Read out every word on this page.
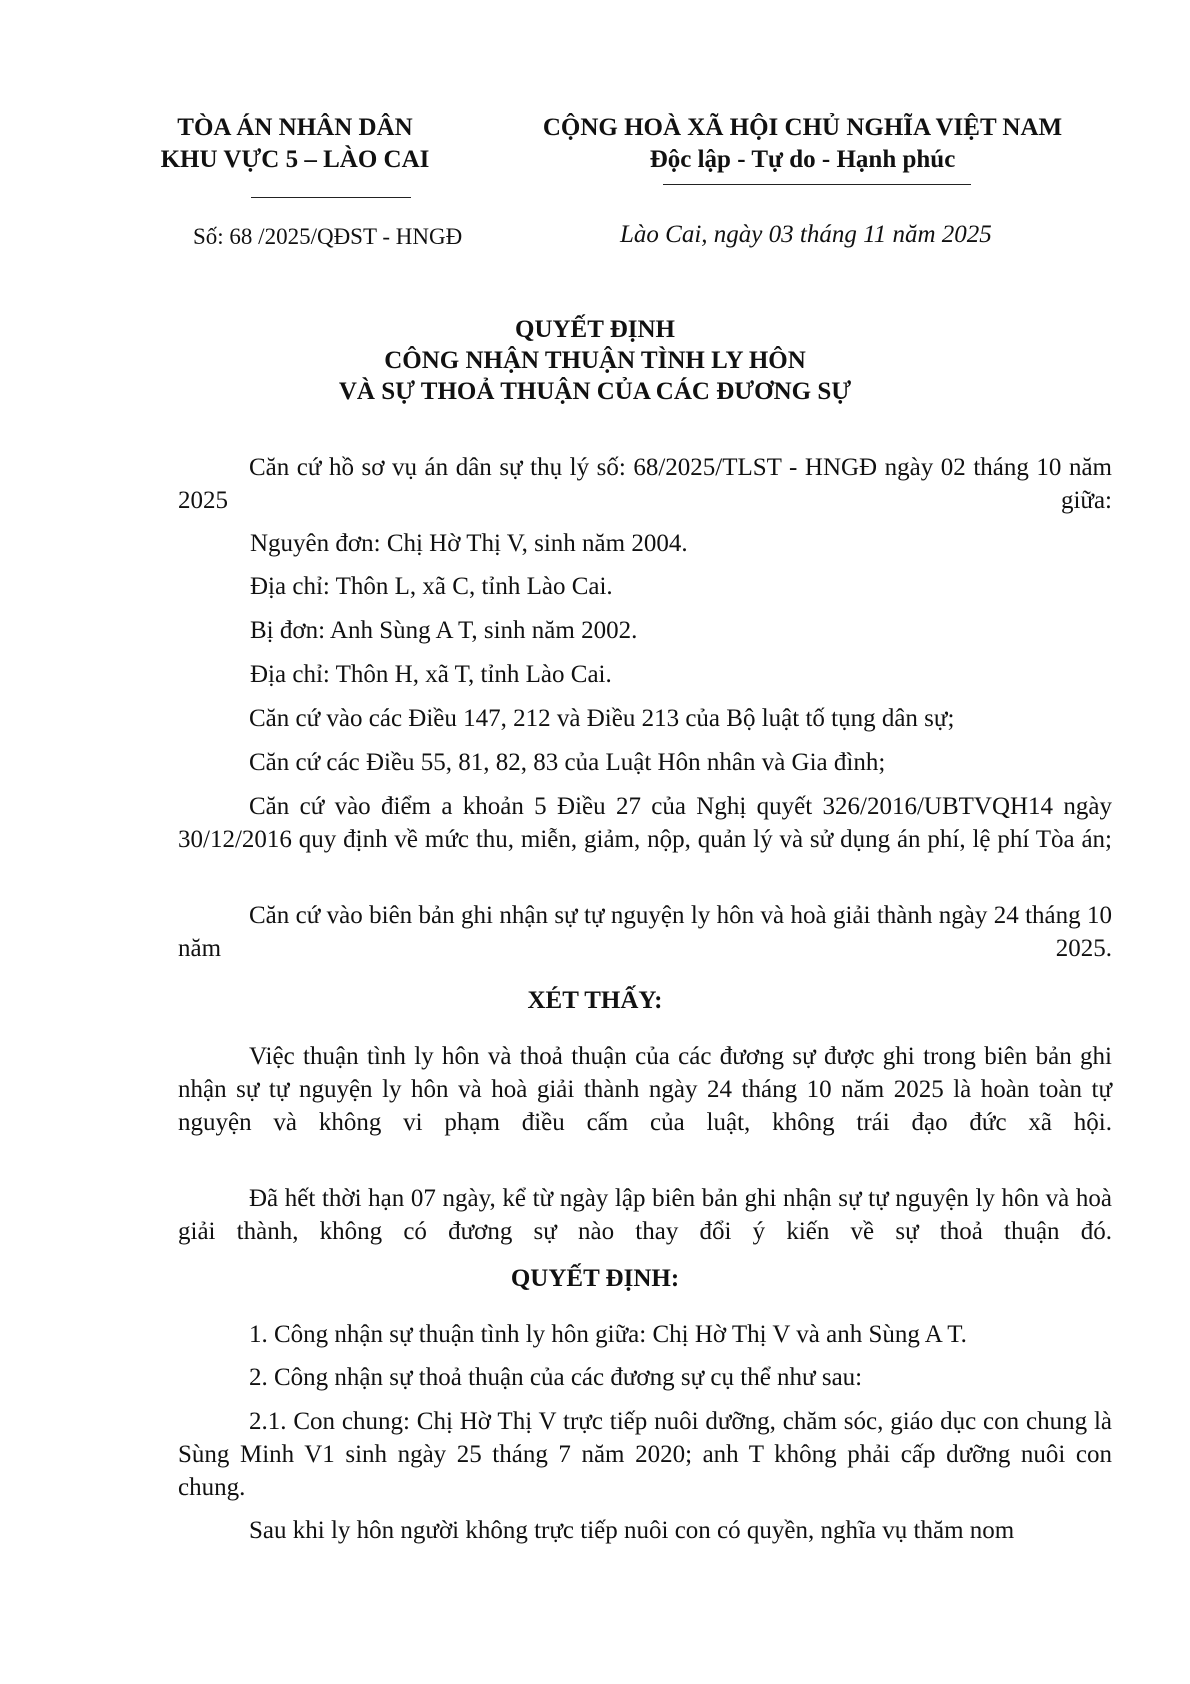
TÒA ÁN NHÂN DÂN
KHU VỰC 5 – LÀO CAI
CỘNG HOÀ XÃ HỘI CHỦ NGHĨA VIỆT NAM
Độc lập - Tự do - Hạnh phúc
Số: 68 /2025/QĐST - HNGĐ	Lào Cai, ngày 03 tháng 11 năm 2025
QUYẾT ĐỊNH
CÔNG NHẬN THUẬN TÌNH LY HÔN
VÀ SỰ THOẢ THUẬN CỦA CÁC ĐƯƠNG SỰ
Căn cứ hồ sơ vụ án dân sự thụ lý số: 68/2025/TLST - HNGĐ ngày 02 tháng 10 năm 2025 giữa:
Nguyên đơn: Chị Hờ Thị V, sinh năm 2004.
Địa chỉ: Thôn L, xã C, tỉnh Lào Cai.
Bị đơn: Anh Sùng A T, sinh năm 2002.
Địa chỉ: Thôn H, xã T, tỉnh Lào Cai.
Căn cứ vào các Điều 147, 212 và Điều 213 của Bộ luật tố tụng dân sự;
Căn cứ các Điều 55, 81, 82, 83 của Luật Hôn nhân và Gia đình;
Căn cứ vào điểm a khoản 5 Điều 27 của Nghị quyết 326/2016/UBTVQH14 ngày 30/12/2016 quy định về mức thu, miễn, giảm, nộp, quản lý và sử dụng án phí, lệ phí Tòa án;
Căn cứ vào biên bản ghi nhận sự tự nguyện ly hôn và hoà giải thành ngày 24 tháng 10 năm 2025.
XÉT THẤY:
Việc thuận tình ly hôn và thoả thuận của các đương sự được ghi trong biên bản ghi nhận sự tự nguyện ly hôn và hoà giải thành ngày 24 tháng 10 năm 2025 là hoàn toàn tự nguyện và không vi phạm điều cấm của luật, không trái đạo đức xã hội.
Đã hết thời hạn 07 ngày, kể từ ngày lập biên bản ghi nhận sự tự nguyện ly hôn và hoà giải thành, không có đương sự nào thay đổi ý kiến về sự thoả thuận đó.
QUYẾT ĐỊNH:
1. Công nhận sự thuận tình ly hôn giữa: Chị Hờ Thị V và anh Sùng A T.
2. Công nhận sự thoả thuận của các đương sự cụ thể như sau:
2.1. Con chung: Chị Hờ Thị V trực tiếp nuôi dưỡng, chăm sóc, giáo dục con chung là Sùng Minh V1 sinh ngày 25 tháng 7 năm 2020; anh T không phải cấp dưỡng nuôi con chung.
Sau khi ly hôn người không trực tiếp nuôi con có quyền, nghĩa vụ thăm nom
